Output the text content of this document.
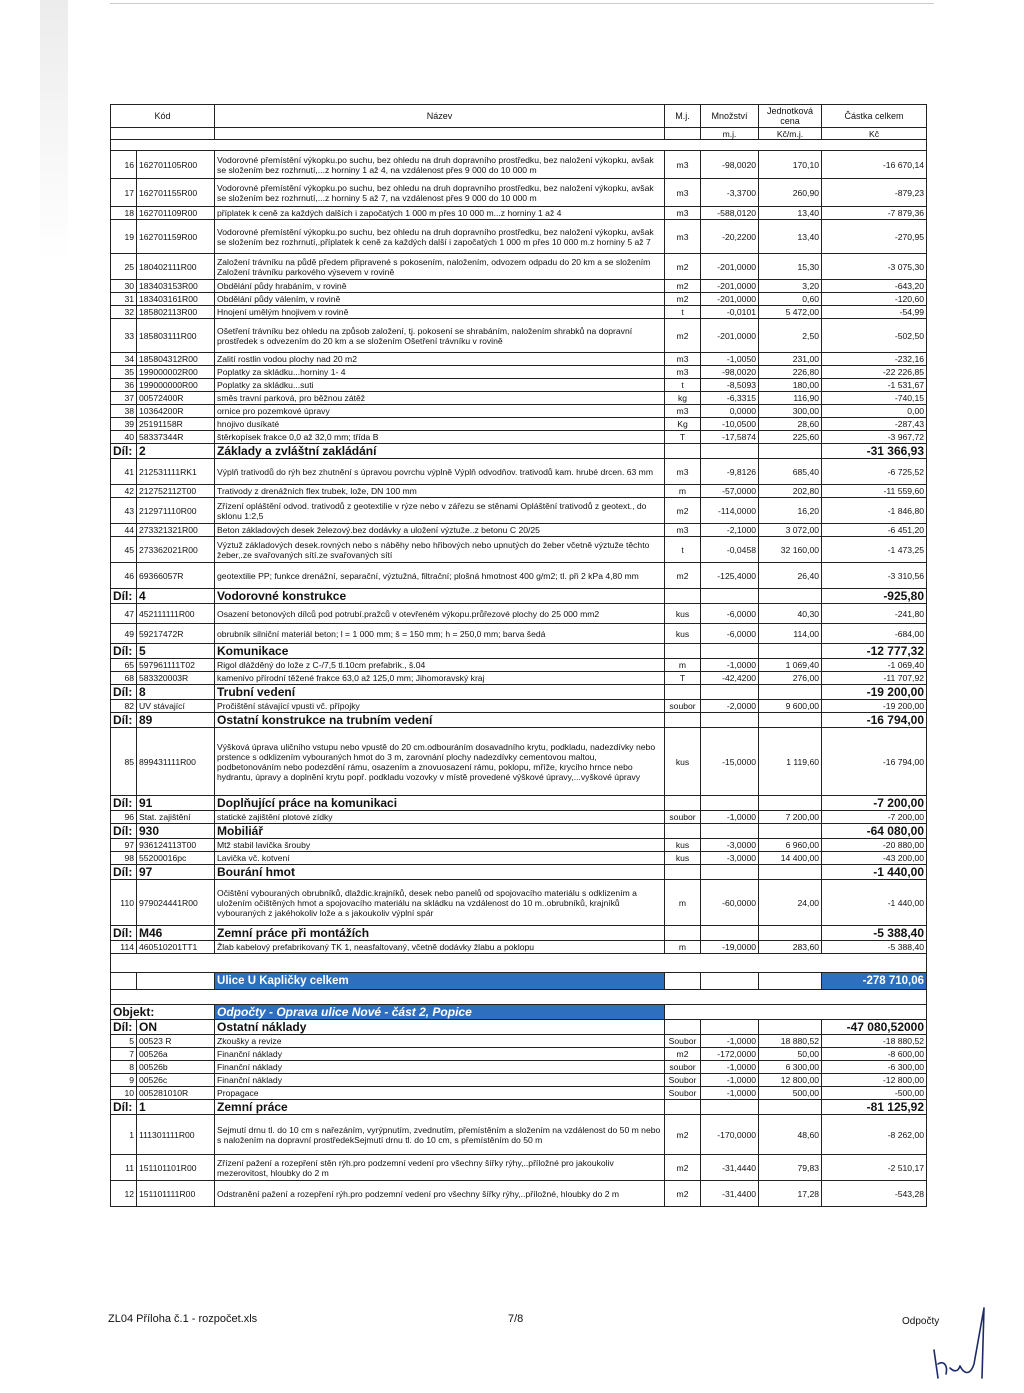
Kód		Název	M.j.	Množství	Jednotková cena	Částka celkem
				m.j.	Kč/m.j.	Kč

16	162701105R00	Vodorovné přemístění výkopku.po suchu, bez ohledu na druh dopravního prostředku, bez naložení výkopku, avšak se složením bez rozhrnutí,...z horniny 1 až 4, na vzdálenost přes 9 000 do 10 000 m	m3	-98,0020	170,10	-16 670,14
17	162701155R00	Vodorovné přemístění výkopku.po suchu, bez ohledu na druh dopravního prostředku, bez naložení výkopku, avšak se složením bez rozhrnutí,...z horniny 5 až 7, na vzdálenost přes 9 000 do 10 000 m	m3	-3,3700	260,90	-879,23
18	162701109R00	příplatek k ceně za každých dalších i započatých 1 000 m přes 10 000 m...z horniny 1 až 4	m3	-588,0120	13,40	-7 879,36
19	162701159R00	Vodorovné přemístění výkopku.po suchu, bez ohledu na druh dopravního prostředku, bez naložení výkopku, avšak se složením bez rozhrnutí,.příplatek k ceně za každých další i započatých 1 000 m přes 10 000 m.z horniny 5 až 7	m3	-20,2200	13,40	-270,95
25	180402111R00	Založení trávníku na půdě předem připravené s pokosením, naložením, odvozem odpadu do 20 km a se složením Založení trávníku parkového výsevem v rovině	m2	-201,0000	15,30	-3 075,30
30	183403153R00	Obdělání půdy hrabáním, v rovině	m2	-201,0000	3,20	-643,20
31	183403161R00	Obdělání půdy válením, v rovině	m2	-201,0000	0,60	-120,60
32	185802113R00	Hnojení umělým hnojivem v rovině	t	-0,0101	5 472,00	-54,99
33	185803111R00	Ošetření trávníku bez ohledu na způsob založení, tj. pokosení se shrabáním, naložením shrabků na dopravní prostředek s odvezením do 20 km a se složením Ošetření trávníku v rovině	m2	-201,0000	2,50	-502,50
34	185804312R00	Zalití rostlin vodou plochy nad 20 m2	m3	-1,0050	231,00	-232,16
35	199000002R00	Poplatky za skládku...horniny 1- 4	m3	-98,0020	226,80	-22 226,85
36	199000000R00	Poplatky za skládku...suti	t	-8,5093	180,00	-1 531,67
37	00572400R	směs travní parková, pro běžnou zátěž	kg	-6,3315	116,90	-740,15
38	10364200R	ornice pro pozemkové úpravy	m3	0,0000	300,00	0,00
39	25191158R	hnojivo dusíkaté	Kg	-10,0500	28,60	-287,43
40	58337344R	štěrkopísek frakce 0,0 až 32,0 mm; třída B	T	-17,5874	225,60	-3 967,72
Díl:	2	Základy a zvláštní zakládání				-31 366,93
41	212531111RK1	Výplň trativodů do rýh bez zhutnění s úpravou povrchu výplně Výplň odvodňov. trativodů kam. hrubé drcen. 63 mm	m3	-9,8126	685,40	-6 725,52
42	212752112T00	Trativody z drenážních flex trubek, lože, DN 100 mm	m	-57,0000	202,80	-11 559,60
43	212971110R00	Zřízení opláštění odvod. trativodů z geotextilie v rýze nebo v zářezu se stěnami Opláštění trativodů z geotext., do sklonu 1:2,5	m2	-114,0000	16,20	-1 846,80
44	273321321R00	Beton základových desek železový.bez dodávky a uložení výztuže..z betonu C 20/25	m3	-2,1000	3 072,00	-6 451,20
45	273362021R00	Výztuž základových desek.rovných nebo s náběhy nebo hřibových nebo upnutých do žeber včetně výztuže těchto žeber,.ze svařovaných sítí.ze svařovaných sítí	t	-0,0458	32 160,00	-1 473,25
46	69366057R	geotextilie PP; funkce drenážní, separační, výztužná, filtrační; plošná hmotnost 400 g/m2; tl. při 2 kPa 4,80 mm	m2	-125,4000	26,40	-3 310,56
Díl:	4	Vodorovné konstrukce				-925,80
47	452111111R00	Osazení betonových dílců pod potrubí.pražců v otevřeném výkopu.průřezové plochy do 25 000 mm2	kus	-6,0000	40,30	-241,80
49	59217472R	obrubník silniční materiál beton; l = 1 000 mm; š = 150 mm; h = 250,0 mm; barva šedá	kus	-6,0000	114,00	-684,00
Díl:	5	Komunikace				-12 777,32
65	597961111T02	Rigol dlážděný do lože z C-/7,5 tl.10cm prefabrik., š.04	m	-1,0000	1 069,40	-1 069,40
68	583320003R	kamenivo přírodní těžené frakce 63,0 až 125,0 mm; Jihomoravský kraj	T	-42,4200	276,00	-11 707,92
Díl:	8	Trubní vedení				-19 200,00
82	UV stávající	Pročištění stávající vpusti vč. přípojky	soubor	-2,0000	9 600,00	-19 200,00
Díl:	89	Ostatní konstrukce na trubním vedení				-16 794,00
85	899431111R00	Výšková úprava uličního vstupu nebo vpustě do 20 cm.odbouráním dosavadního krytu, podkladu, nadezdívky nebo prstence s odklizením vybouraných hmot do 3 m, zarovnání plochy nadezdívky cementovou maltou, podbetonováním nebo podezdění rámu, osazením a znovuosazení rámu, poklopu, mříže, krycího hrnce nebo hydrantu, úpravy a doplnění krytu popř. podkladu vozovky v místě provedené výškové úpravy,...vyškové úpravy	kus	-15,0000	1 119,60	-16 794,00
Díl:	91	Doplňující práce na komunikaci				-7 200,00
96	Stat. zajištění	statické zajištění plotové zídky	soubor	-1,0000	7 200,00	-7 200,00
Díl:	930	Mobiliář				-64 080,00
97	936124113T00	Mtž stabil lavička šrouby	kus	-3,0000	6 960,00	-20 880,00
98	55200016pc	Lavička vč. kotvení	kus	-3,0000	14 400,00	-43 200,00
Díl:	97	Bourání hmot				-1 440,00
110	979024441R00	Očištění vybouraných obrubníků, dlaždic.krajníků, desek nebo panelů od spojovacího materiálu s odklizením a uložením očištěných hmot a spojovacího materiálu na skládku na vzdálenost do 10 m..obrubníků, krajníků vybouraných z jakéhokoliv lože a s jakoukoliv výplní spár	m	-60,0000	24,00	-1 440,00
Díl:	M46	Zemní práce při montážích				-5 388,40
114	460510201TT1	Žlab kabelový prefabrikovaný TK 1, neasfaltovaný, včetně dodávky žlabu a poklopu	m	-19,0000	283,60	-5 388,40

		Ulice U Kapličky celkem				-278 710,06

Objekt:		Odpočty - Oprava ulice Nové - část 2, Popice				
Díl:	ON	Ostatní náklady				-47 080,52000
5	00523 R	Zkoušky a revize	Soubor	-1,0000	18 880,52	-18 880,52
7	00526a	Finanční náklady	m2	-172,0000	50,00	-8 600,00
8	00526b	Finanční náklady	soubor	-1,0000	6 300,00	-6 300,00
9	00526c	Finanční náklady	Soubor	-1,0000	12 800,00	-12 800,00
10	005281010R	Propagace	Soubor	-1,0000	500,00	-500,00
Díl:	1	Zemní práce				-81 125,92
1	111301111R00	Sejmutí drnu tl. do 10 cm s nařezáním, vyrýpnutím, zvednutím, přemístěním a složením na vzdálenost do 50 m nebo s naložením na dopravní prostředekSejmutí drnu tl. do 10 cm, s přemístěním do 50 m	m2	-170,0000	48,60	-8 262,00
11	151101101R00	Zřízení pažení a rozepření stěn rýh.pro podzemní vedení pro všechny šířky rýhy,..příložné pro jakoukoliv mezerovitost, hloubky do 2 m	m2	-31,4440	79,83	-2 510,17
12	151101111R00	Odstranění pažení a rozepření rýh.pro podzemní vedení pro všechny šířky rýhy,..příložné, hloubky do 2 m	m2	-31,4400	17,28	-543,28
ZL04 Příloha č.1 - rozpočet.xls	7/8	Odpočty
